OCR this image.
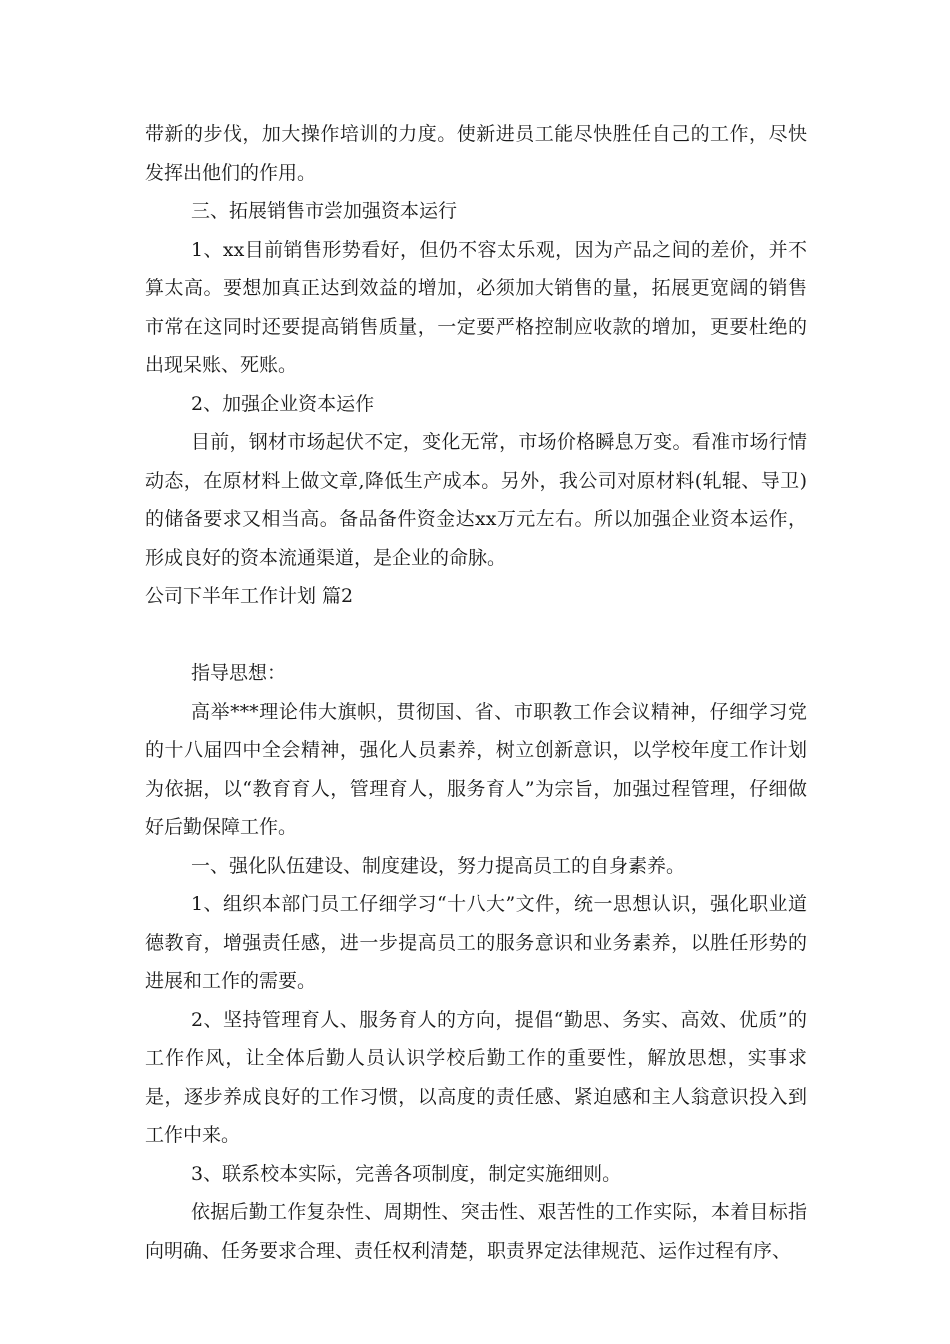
带新的步伐，加大操作培训的力度。使新进员工能尽快胜任自己的工作，尽快发挥出他们的作用。

三、拓展销售市尝加强资本运行

1、xx目前销售形势看好，但仍不容太乐观，因为产品之间的差价，并不算太高。要想加真正达到效益的增加，必须加大销售的量，拓展更宽阔的销售市常在这同时还要提高销售质量，一定要严格控制应收款的增加，更要杜绝的出现呆账、死账。

2、加强企业资本运作

目前，钢材市场起伏不定，变化无常，市场价格瞬息万变。看准市场行情动态，在原材料上做文章,降低生产成本。另外，我公司对原材料(轧辊、导卫)的储备要求又相当高。备品备件资金达xx万元左右。所以加强企业资本运作，形成良好的资本流通渠道，是企业的命脉。

公司下半年工作计划 篇2

指导思想：

高举***理论伟大旗帜，贯彻国、省、市职教工作会议精神，仔细学习党的十八届四中全会精神，强化人员素养，树立创新意识，以学校年度工作计划为依据，以“教育育人，管理育人，服务育人”为宗旨，加强过程管理，仔细做好后勤保障工作。

一、强化队伍建设、制度建设，努力提高员工的自身素养。

1、组织本部门员工仔细学习“十八大”文件，统一思想认识，强化职业道德教育，增强责任感，进一步提高员工的服务意识和业务素养，以胜任形势的进展和工作的需要。

2、坚持管理育人、服务育人的方向，提倡“勤思、务实、高效、优质”的工作作风，让全体后勤人员认识学校后勤工作的重要性，解放思想，实事求是，逐步养成良好的工作习惯，以高度的责任感、紧迫感和主人翁意识投入到工作中来。

3、联系校本实际，完善各项制度，制定实施细则。

依据后勤工作复杂性、周期性、突击性、艰苦性的工作实际，本着目标指向明确、任务要求合理、责任权利清楚，职责界定法律规范、运作过程有序、
